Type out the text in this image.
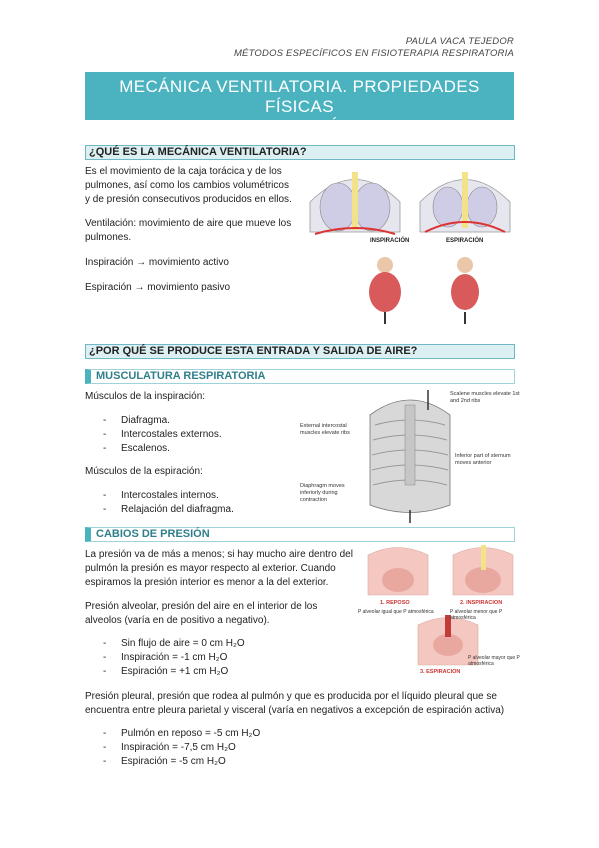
PAULA VACA TEJEDOR
MÉTODOS ESPECÍFICOS EN FISIOTERAPIA RESPIRATORIA
MECÁNICA VENTILATORIA. PROPIEDADES FÍSICAS
DEL PULMÓN.
¿QUÉ ES LA MECÁNICA VENTILATORIA?
Es el movimiento de la caja torácica y de los
pulmones, así como los cambios volumétricos
y de presión consecutivos producidos en ellos.
Ventilación: movimiento de aire que mueve los
pulmones.
Inspiración → movimiento activo
Espiración → movimiento pasivo
INSPIRACIÓN	ESPIRACIÓN
¿POR QUÉ SE PRODUCE ESTA ENTRADA Y SALIDA DE AIRE?
MUSCULATURA RESPIRATORIA
Músculos de la inspiración:
- Diafragma.
- Intercostales externos.
- Escalenos.
Músculos de la espiración:
- Intercostales internos.
- Relajación del diafragma.
Scalene muscles elevate 1st and 2nd ribs
External intercostal muscles elevate ribs
Inferior part of sternum moves anterior
Diaphragm moves inferiorly during contraction
CABIOS DE PRESIÓN
La presión va de más a menos; si hay mucho aire dentro del
pulmón la presión es mayor respecto al exterior. Cuando
espiramos la presión interior es menor a la del exterior.
Presión alveolar, presión del aire en el interior de los
alveolos (varía en de positivo a negativo).
- Sin flujo de aire = 0 cm H₂O
- Inspiración = -1 cm H₂O
- Espiración = +1 cm H₂O
Presión pleural, presión que rodea al pulmón y que es producida por el líquido pleural que se
encuentra entre pleura parietal y visceral (varía en negativos a excepción de espiración activa)
- Pulmón en reposo = -5 cm H₂O
- Inspiración = -7,5 cm H₂O
- Espiración = -5 cm H₂O
1. REPOSO
P alveolar igual que P atmosférica
2. INSPIRACION
P alveolar menor que P atmosférica
3. ESPIRACION
P alveolar mayor que P atmosférica
